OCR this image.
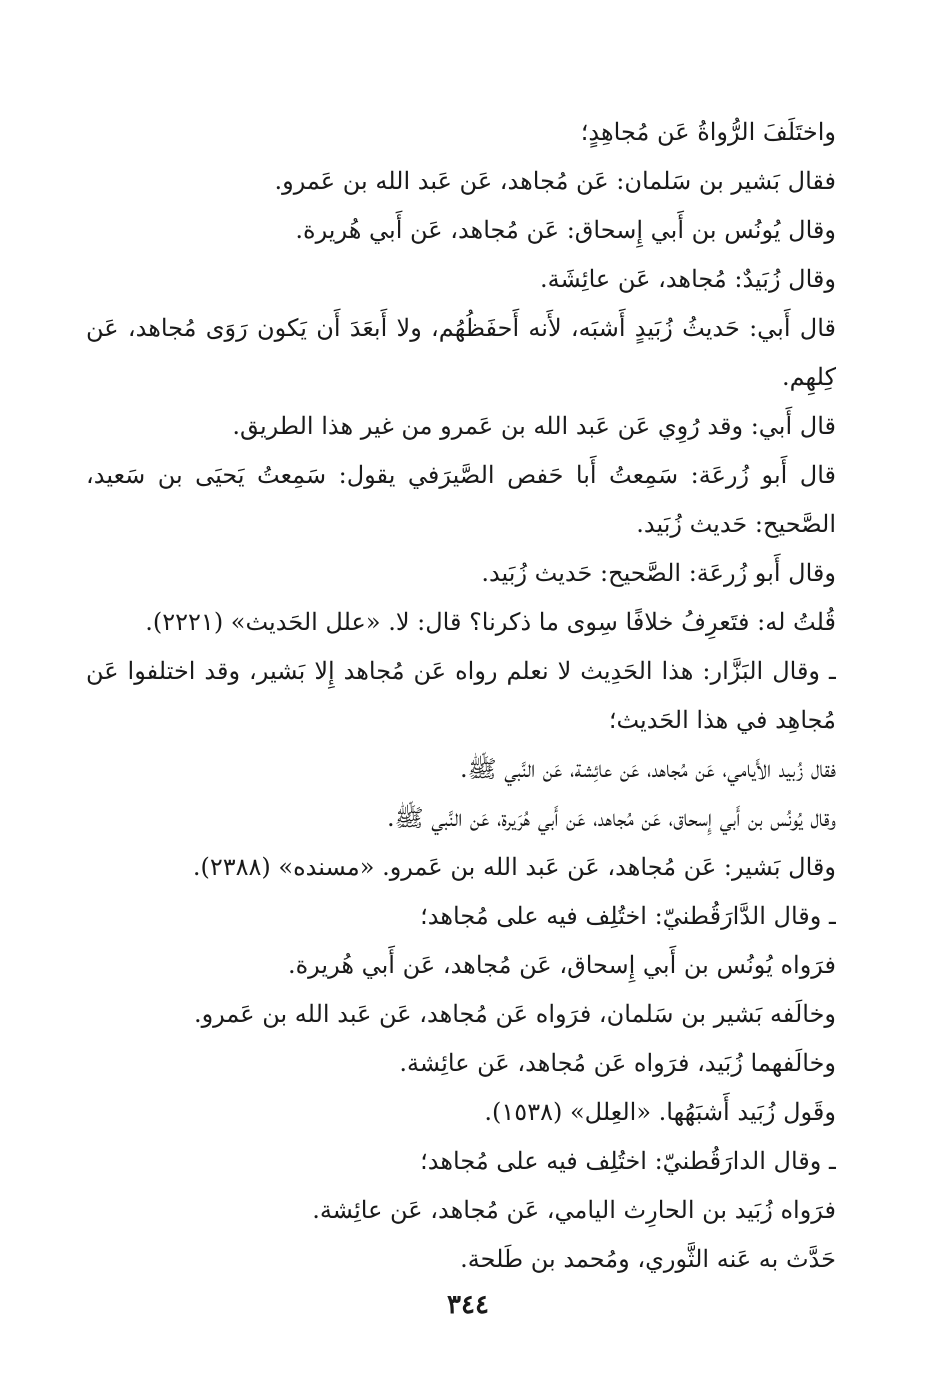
واختَلَفَ الرُّواةُ عَن مُجاهِدٍ؛
فقال بَشير بن سَلمان: عَن مُجاهد، عَن عَبد الله بن عَمرو.
وقال يُونُس بن أَبي إِسحاق: عَن مُجاهد، عَن أَبي هُريرة.
وقال زُبَيدٌ: مُجاهد، عَن عائِشَة.
قال أَبي: حَديثُ زُبَيدٍ أَشبَه، لأَنه أَحفَظُهُم، ولا أَبعَدَ أَن يَكون رَوَى مُجاهد، عَن
كِلهِم.
قال أَبي: وقد رُوِي عَن عَبد الله بن عَمرو من غير هذا الطريق.
قال أَبو زُرعَة: سَمِعتُ أَبا حَفص الصَّيرَفي يقول: سَمِعتُ يَحيَى بن سَعيد،
الصَّحيح: حَديث زُبَيد.
وقال أَبو زُرعَة: الصَّحيح: حَديث زُبَيد.
قُلتُ له: فتَعرِفُ خلافًا سِوى ما ذكرنا؟ قال: لا. «علل الحَديث» (٢٢٢١).
ـ وقال البَزَّار: هذا الحَدِيث لا نعلم رواه عَن مُجاهد إِلا بَشير، وقد اختلفوا عَن
مُجاهِد في هذا الحَديث؛
فقال زُبيد الأَيامي، عَن مُجاهد، عَن عائِشة، عَن النَّبي ﷺ.
وقال يُونُس بن أَبي إِسحاق، عَن مُجاهد، عَن أَبي هُرَيرة، عَن النَّبي ﷺ.
وقال بَشير: عَن مُجاهد، عَن عَبد الله بن عَمرو. «مسنده» (٢٣٨٨).
ـ وقال الدَّارَقُطنيّ: اختُلِف فيه على مُجاهد؛
فرَواه يُونُس بن أَبي إِسحاق، عَن مُجاهد، عَن أَبي هُريرة.
وخالَفه بَشير بن سَلمان، فرَواه عَن مُجاهد، عَن عَبد الله بن عَمرو.
وخالَفهما زُبَيد، فرَواه عَن مُجاهد، عَن عائِشة.
وقَول زُبَيد أَشبَهُها. «العِلل» (١٥٣٨).
ـ وقال الدارَقُطنيّ: اختُلِف فيه على مُجاهد؛
فرَواه زُبَيد بن الحارِث اليامي، عَن مُجاهد، عَن عائِشة.
حَدَّث به عَنه الثَّوري، ومُحمد بن طَلحة.
٣٤٤
